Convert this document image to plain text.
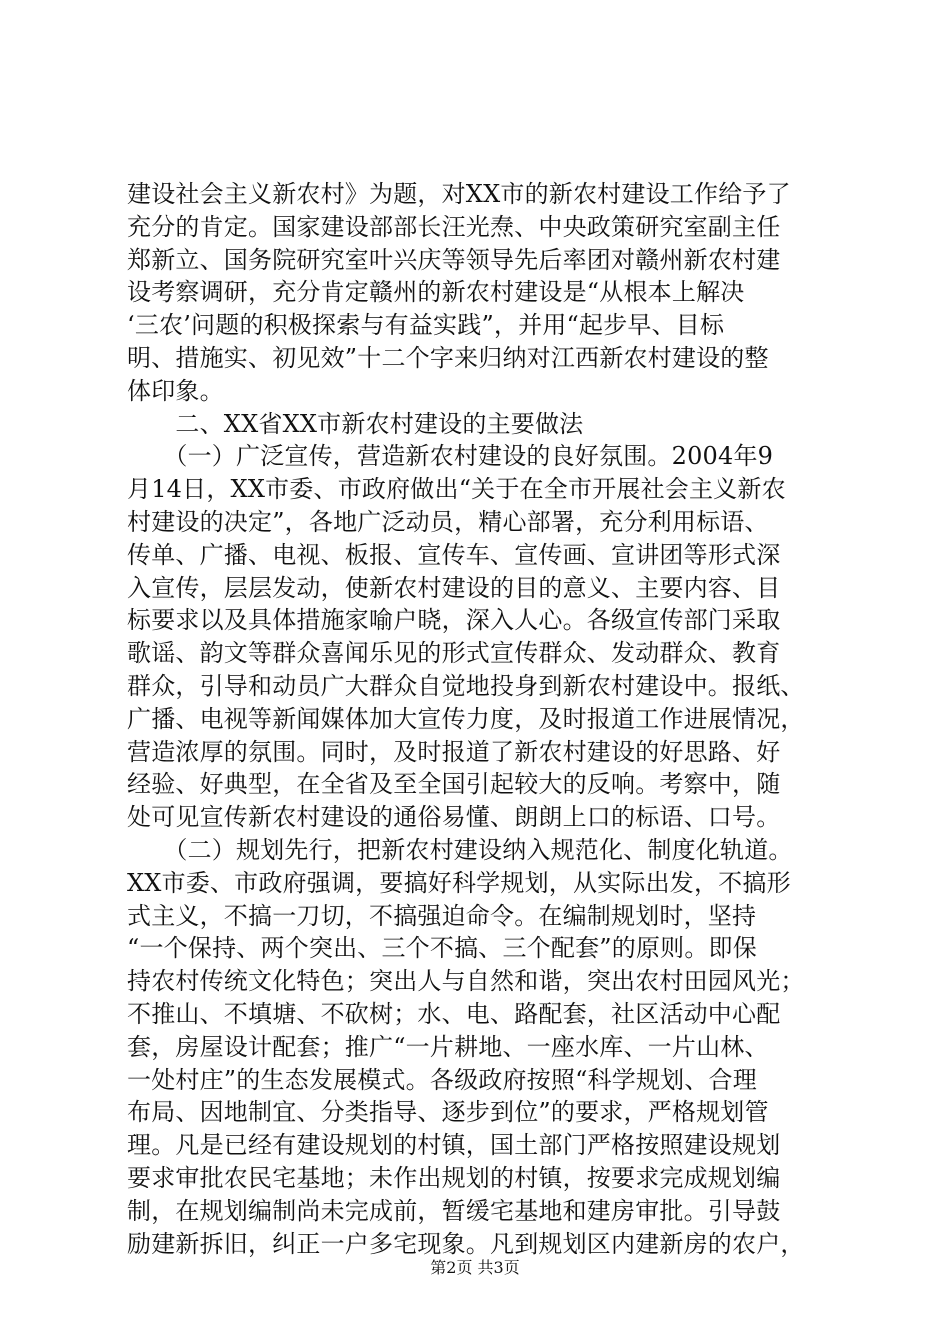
建设社会主义新农村》为题，对XX市的新农村建设工作给予了
充分的肯定。国家建设部部长汪光焘、中央政策研究室副主任
郑新立、国务院研究室叶兴庆等领导先后率团对赣州新农村建
设考察调研，充分肯定赣州的新农村建设是“从根本上解决
‘三农’问题的积极探索与有益实践”，并用“起步早、目标
明、措施实、初见效”十二个字来归纳对江西新农村建设的整
体印象。
　　二、XX省XX市新农村建设的主要做法
　　（一）广泛宣传，营造新农村建设的良好氛围。2004年9
月14日，XX市委、市政府做出“关于在全市开展社会主义新农
村建设的决定”，各地广泛动员，精心部署，充分利用标语、
传单、广播、电视、板报、宣传车、宣传画、宣讲团等形式深
入宣传，层层发动，使新农村建设的目的意义、主要内容、目
标要求以及具体措施家喻户晓，深入人心。各级宣传部门采取
歌谣、韵文等群众喜闻乐见的形式宣传群众、发动群众、教育
群众，引导和动员广大群众自觉地投身到新农村建设中。报纸、
广播、电视等新闻媒体加大宣传力度，及时报道工作进展情况，
营造浓厚的氛围。同时，及时报道了新农村建设的好思路、好
经验、好典型，在全省及至全国引起较大的反响。考察中，随
处可见宣传新农村建设的通俗易懂、朗朗上口的标语、口号。
　　（二）规划先行，把新农村建设纳入规范化、制度化轨道。
XX市委、市政府强调，要搞好科学规划，从实际出发，不搞形
式主义，不搞一刀切，不搞强迫命令。在编制规划时，坚持
“一个保持、两个突出、三个不搞、三个配套”的原则。即保
持农村传统文化特色；突出人与自然和谐，突出农村田园风光；
不推山、不填塘、不砍树；水、电、路配套，社区活动中心配
套，房屋设计配套；推广“一片耕地、一座水库、一片山林、
一处村庄”的生态发展模式。各级政府按照“科学规划、合理
布局、因地制宜、分类指导、逐步到位”的要求，严格规划管
理。凡是已经有建设规划的村镇，国土部门严格按照建设规划
要求审批农民宅基地；未作出规划的村镇，按要求完成规划编
制，在规划编制尚未完成前，暂缓宅基地和建房审批。引导鼓
励建新拆旧，纠正一户多宅现象。凡到规划区内建新房的农户，
第2页 共3页
